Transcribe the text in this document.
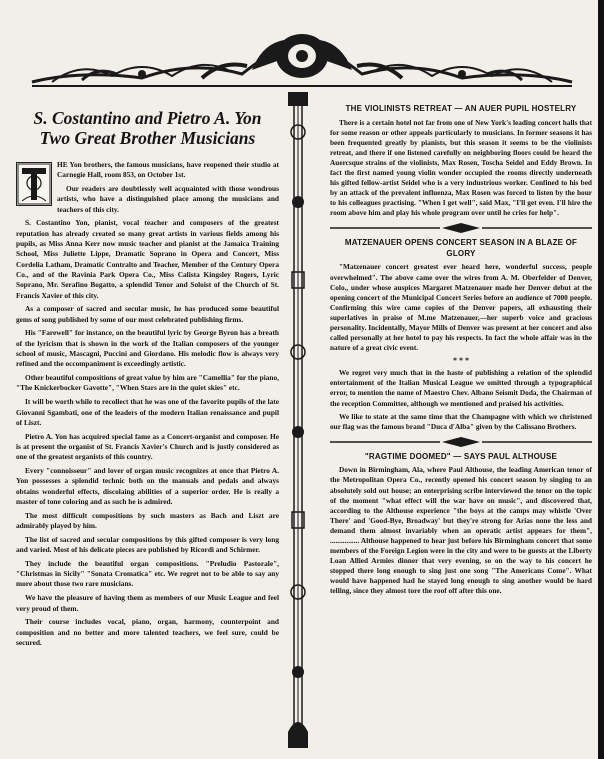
S. Costantino and Pietro A. Yon
Two Great Brother Musicians

HE Yon brothers, the famous musicians, have reopened their studio at Carnegie Hall, room 853, on October 1st.

Our readers are doubtlessly well acquainted with those wondrous artists, who have a distinguished place among the musicians and teachers of this city.

S. Costantino Yon, pianist, vocal teacher and composers of the greatest reputation has already created so many great artists in various fields among his pupils, as Miss Anna Kerr now music teacher and pianist at the Jamaica Training School, Miss Juliette Lippe, Dramatic Soprano in Opera and Concert, Miss Cordelia Latham, Dramatic Contralto and Teacher, Member of the Century Opera Co., and of the Ravinia Park Opera Co., Miss Calista Kingsley Rogers, Lyric Soprano, Mr. Serafino Bogatto, a splendid Tenor and Soloist of the Church of St. Francis Xavier of this city.

As a composer of sacred and secular music, he has produced some beautiful gems of song published by some of our most celebrated publishing firms.

His "Farewell" for instance, on the beautiful lyric by George Byron has a breath of the lyricism that is shown in the work of the Italian composers of the younger school of music, Mascagni, Puccini and Giordano. His melodic flow is always very refined and the occompaniment is exceedingly artistic.

Other beautiful compositions of great value by him are "Camellia" for the piano, "The Knickerbocker Gavotte", "When Stars are in the quiet skies" etc.

It will be worth while to recollect that he was one of the favorite pupils of the late Giovanni Sgambati, one of the leaders of the modern Italian renaissance and pupil of Liszt.

Pietro A. Yon has acquired special fame as a Concert-organist and composer. He is at present the organist of St. Francis Xavier's Church and is justly considered as one of the greatest organists of this country.

Every "connoisseur" and lover of organ music recognizes at once that Pietro A. Yon possesses a splendid technic both on the manuals and pedals and always obtains wonderful effects, discolaing abilities of a superior order. He is really a master of tone coloring and as such he is admired.

The most difficult compositions by such masters as Bach and Liszt are admirably played by him.

The list of sacred and secular compositions by this gifted composer is very long and varied. Most of his delicate pieces are published by Ricordi and Schirmer.

They include the beautiful organ compositions. "Preludio Pastorale", "Christmas in Sicily" "Sonata Cromatica" etc. We regret not to be able to say any more about those two rare musicians.

We have the pleasure of having them as members of our Music League and feel very proud of them.

Their course includes vocal, piano, organ, harmony, counterpoint and composition and no better and more talented teachers, we feel sure, could be secured.

THE VIOLINISTS RETREAT — AN AUER PUPIL HOSTELRY

There is a certain hotel not far from one of New York's leading concert halls that for some reason or other appeals particularly to musicians. In former seasons it has been frequented greatly by pianists, but this season it seems to be the violinists retreat, and there if one listened carefully on neighboring floors could be heard the Auercsque strains of the violinists, Max Rosen, Toscha Seidel and Eddy Brown. In fact the first named young violin wonder occupied the rooms directly underneath his gifted fellow-artist Seidel who is a very industrious worker. Confined to his bed by an attack of the prevalent influenza, Max Rosen was forced to listen by the hour to his colleagues practising. "When I get well", said Max, "I'll get even. I'll hire the room above him and play his whole program over until he cries for help".

MATZENAUER OPENS CONCERT SEASON IN A BLAZE OF GLORY

"Matzenauer concert greatest ever heard here, wonderful success, people overwhelmed". The above came over the wires from A. M. Oberfelder of Denver, Colo., under whose auspices Margaret Matzenauer made her Denver debut at the opening concert of the Municipal Concert Series before an audience of 7000 people. Confirming this wire came copies of the Denver papers, all exhausting their superlatives in praise of M.me Matzenauer,—her superb voice and gracious personality. Incidentally, Mayor Mills of Denver was present at her concert and also called personally at her hotel to pay his respects. In fact the whole affair was in the nature of a great civic event.

* * *

We regret very much that in the haste of publishing a relation of the splendid entertainment of the Italian Musical League we omitted through a typographical error, to mention the name of Maestro Chev. Albano Seismit Doda, the Chairman of the reception Committee, although we mentioned and praised his activities.

We like to state at the same time that the Champagne with which we christened our flag was the famous brand "Duca d'Alba" given by the Calissano Brothers.

"RAGTIME DOOMED" — SAYS PAUL ALTHOUSE

Down in Birmingham, Ala, where Paul Althouse, the leading American tenor of the Metropolitan Opera Co., recently opened his concert season by singing to an absolutely sold out house; an enterprising scribe interviewed the tenor on the topic of the moment "what effect will the war have on music", and discovered that, according to the Althouse experience "the boys at the camps may whistle 'Over There' and 'Good-Bye, Broadway' but they're strong for Arias none the less and demand them almost invariably when an operatic artist appears for them", ................ Althouse happened to hear just before his Birmingham concert that some members of the Foreign Legion were in the city and were to be guests at the Liberty Loan Allied Armies dinner that very evening, so on the way to his concert he stopped there long enough to sing just one song "The Americans Come". What would have happened had he stayed long enough to sing another would be hard telling, since they almost tore the roof off after this one.
